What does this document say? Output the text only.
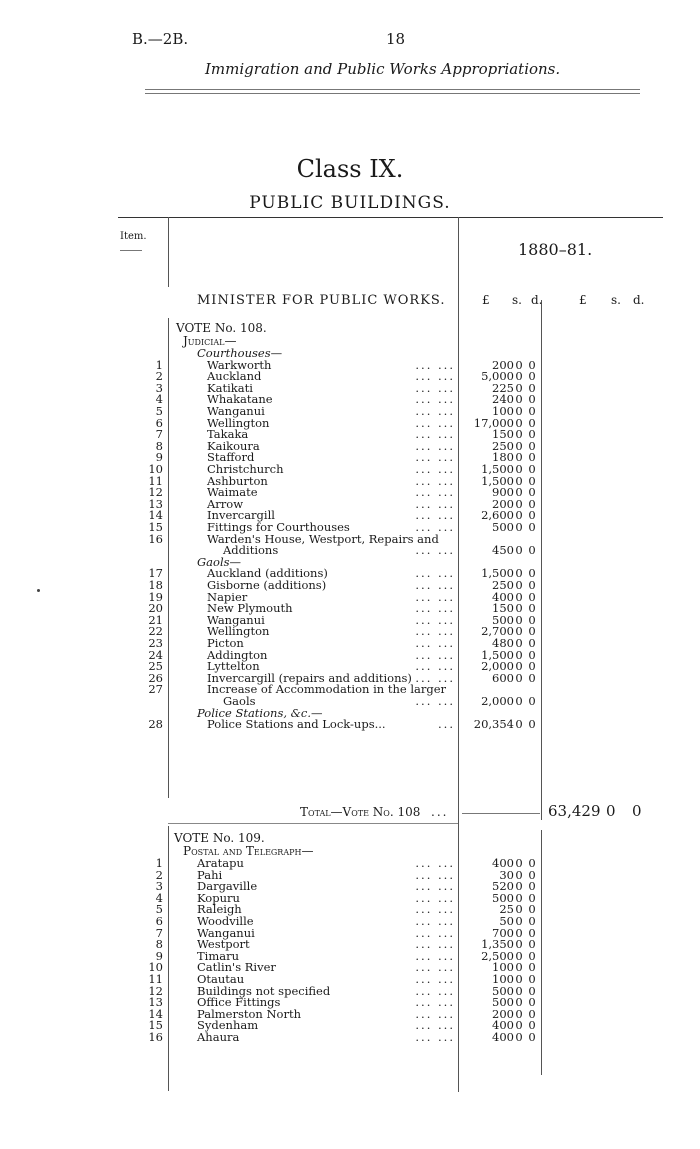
B.—2B.	18
Immigration and Public Works Appropriations.
Class IX.
PUBLIC BUILDINGS.
Item.
1880–81.
MINISTER FOR PUBLIC WORKS.	£ s. d.	£ s. d.
VOTE No. 108.
Judicial—
Courthouses—
1	Warkworth	... ...	200 0 0
2	Auckland	... ...	5,000 0 0
3	Katikati	... ...	225 0 0
4	Whakatane	... ...	240 0 0
5	Wanganui	... ...	100 0 0
6	Wellington	... ...	17,000 0 0
7	Takaka	... ...	150 0 0
8	Kaikoura	... ...	250 0 0
9	Stafford	... ...	180 0 0
10	Christchurch	... ...	1,500 0 0
11	Ashburton	... ...	1,500 0 0
12	Waimate	... ...	900 0 0
13	Arrow	... ...	200 0 0
14	Invercargill	... ...	2,600 0 0
15	Fittings for Courthouses	... ...	500 0 0
16	Warden's House, Westport, Repairs and
Additions	... ...	450 0 0
Gaols—
17	Auckland (additions)	... ...	1,500 0 0
18	Gisborne (additions)	... ...	250 0 0
19	Napier	... ...	400 0 0
20	New Plymouth	... ...	150 0 0
21	Wanganui	... ...	500 0 0
22	Wellington	... ...	2,700 0 0
23	Picton	... ...	480 0 0
24	Addington	... ...	1,500 0 0
25	Lyttelton	... ...	2,000 0 0
26	Invercargill (repairs and additions) ... ...	600 0 0
27	Increase of Accommodation in the larger
Gaols	... ...	2,000 0 0
Police Stations, &c.—
28	Police Stations and Lock-ups...	...	20,354 0 0
Total—Vote No. 108 ...	63,429 0 0
VOTE No. 109.
Postal and Telegraph—
1	Aratapu	... ...	400 0 0
2	Pahi	... ...	30 0 0
3	Dargaville	... ...	520 0 0
4	Kopuru	... ...	500 0 0
5	Raleigh	... ...	25 0 0
6	Woodville	... ...	50 0 0
7	Wanganui	... ...	700 0 0
8	Westport	... ...	1,350 0 0
9	Timaru	... ...	2,500 0 0
10	Catlin's River	... ...	100 0 0
11	Otautau	... ...	100 0 0
12	Buildings not specified	... ...	500 0 0
13	Office Fittings	... ...	500 0 0
14	Palmerston North	... ...	200 0 0
15	Sydenham	... ...	400 0 0
16	Ahaura	... ...	400 0 0
